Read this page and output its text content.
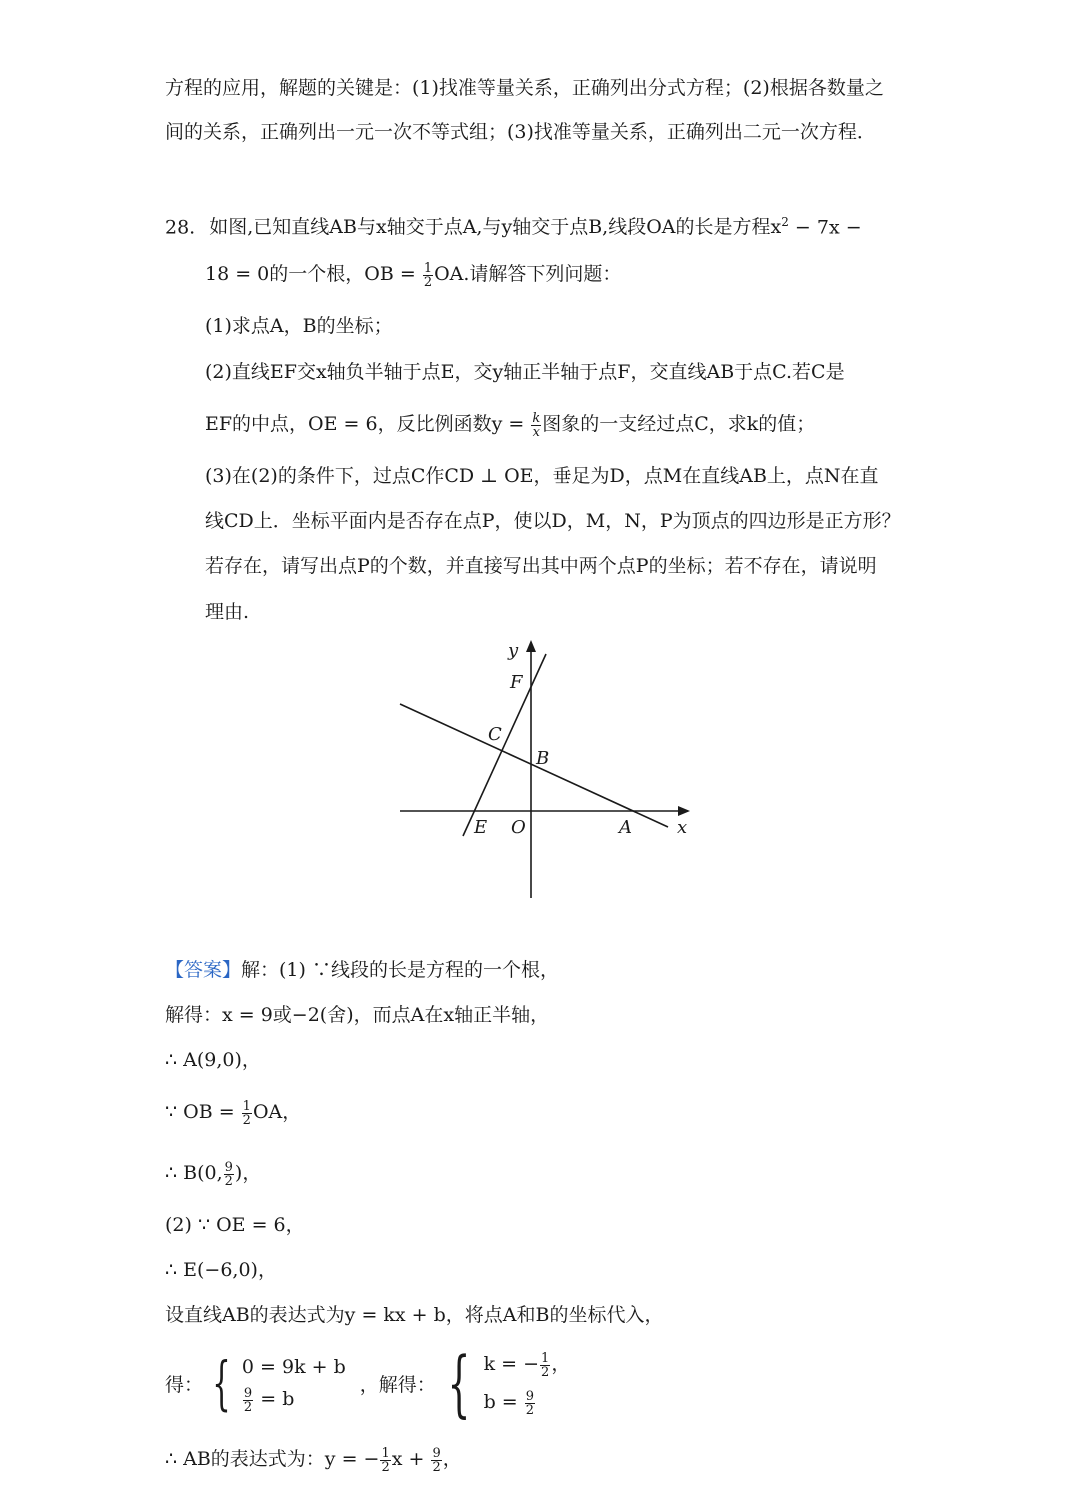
方程的应用，解题的关键是：(1)找准等量关系，正确列出分式方程；(2)根据各数量之
间的关系，正确列出一元一次不等式组；(3)找准等量关系，正确列出二元一次方程．
28. 如图,已知直线AB与x轴交于点A,与y轴交于点B,线段OA的长是方程$x^2 - 7x$ −
18 = 0的一个根，OB = $\frac{1}{2}$ OA.请解答下列问题：
(1)求点A，B的坐标；
(2)直线EF交x轴负半轴于点E，交y轴正半轴于点F，交直线AB于点C.若C是
EF的中点，OE = 6，反比例函数$y = \frac{k}{x}$ 图象的一支经过点C，求k的值；
(3)在(2)的条件下，过点C作CD ⊥ OE，垂足为D，点M在直线AB上，点N在直
线CD上．坐标平面内是否存在点P，使以D，M，N，P为顶点的四边形是正方形？
若存在，请写出点P的个数，并直接写出其中两个点P的坐标；若不存在，请说明
理由.
y
F
C
B
E O	A	x
【答案】解：(1) ∵线段的长是方程的一个根，
解得：x = 9或−2(舍)，而点A在x轴正半轴，
∴ A(9,0)，
∵ OB = $\frac{1}{2}$ OA，
∴ B(0, $\frac{9}{2}$ )，
(2) ∵ OE = 6，
∴ E(−6,0)，
设直线AB的表达式为y = kx + b，将点A和B的坐标代入，
得： { 0 = 9k + b
$\frac{9}{2} = b$
，解得： { k = − $\frac{1}{2}$ ，
$b = \frac{9}{2}$
∴ AB的表达式为：y = − $\frac{1}{2}$ $x + \frac{9}{2}$ ，
